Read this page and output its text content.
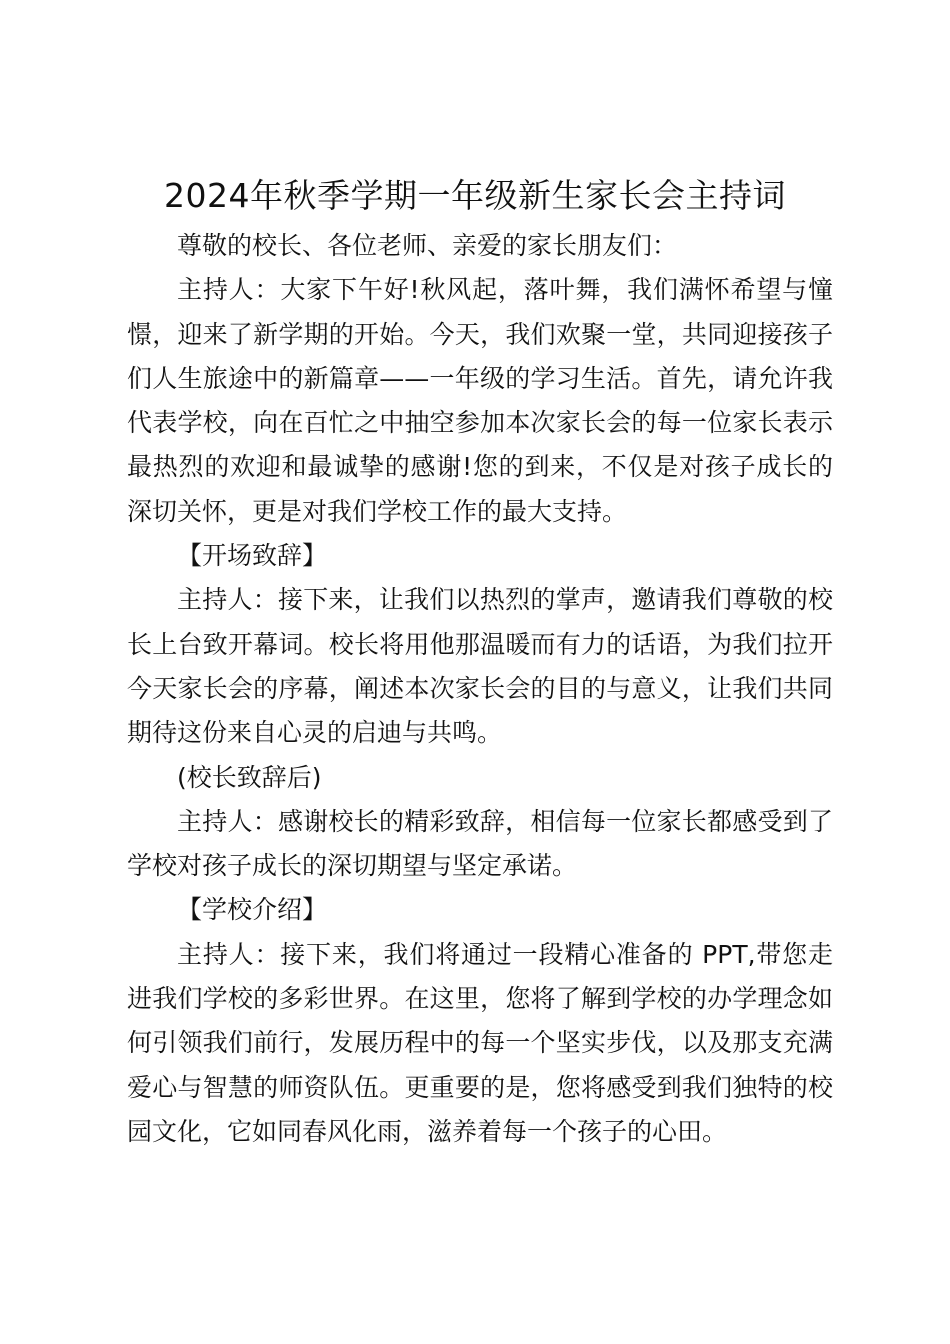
2024年秋季学期一年级新生家长会主持词

尊敬的校长、各位老师、亲爱的家长朋友们：

主持人：大家下午好!秋风起，落叶舞，我们满怀希望与憧憬，迎来了新学期的开始。今天，我们欢聚一堂，共同迎接孩子们人生旅途中的新篇章——一年级的学习生活。首先，请允许我代表学校，向在百忙之中抽空参加本次家长会的每一位家长表示最热烈的欢迎和最诚挚的感谢!您的到来，不仅是对孩子成长的深切关怀，更是对我们学校工作的最大支持。

【开场致辞】

主持人：接下来，让我们以热烈的掌声，邀请我们尊敬的校长上台致开幕词。校长将用他那温暖而有力的话语，为我们拉开今天家长会的序幕，阐述本次家长会的目的与意义，让我们共同期待这份来自心灵的启迪与共鸣。

(校长致辞后)

主持人：感谢校长的精彩致辞，相信每一位家长都感受到了学校对孩子成长的深切期望与坚定承诺。

【学校介绍】

主持人：接下来，我们将通过一段精心准备的 PPT,带您走进我们学校的多彩世界。在这里，您将了解到学校的办学理念如何引领我们前行，发展历程中的每一个坚实步伐，以及那支充满爱心与智慧的师资队伍。更重要的是，您将感受到我们独特的校园文化，它如同春风化雨，滋养着每一个孩子的心田。
